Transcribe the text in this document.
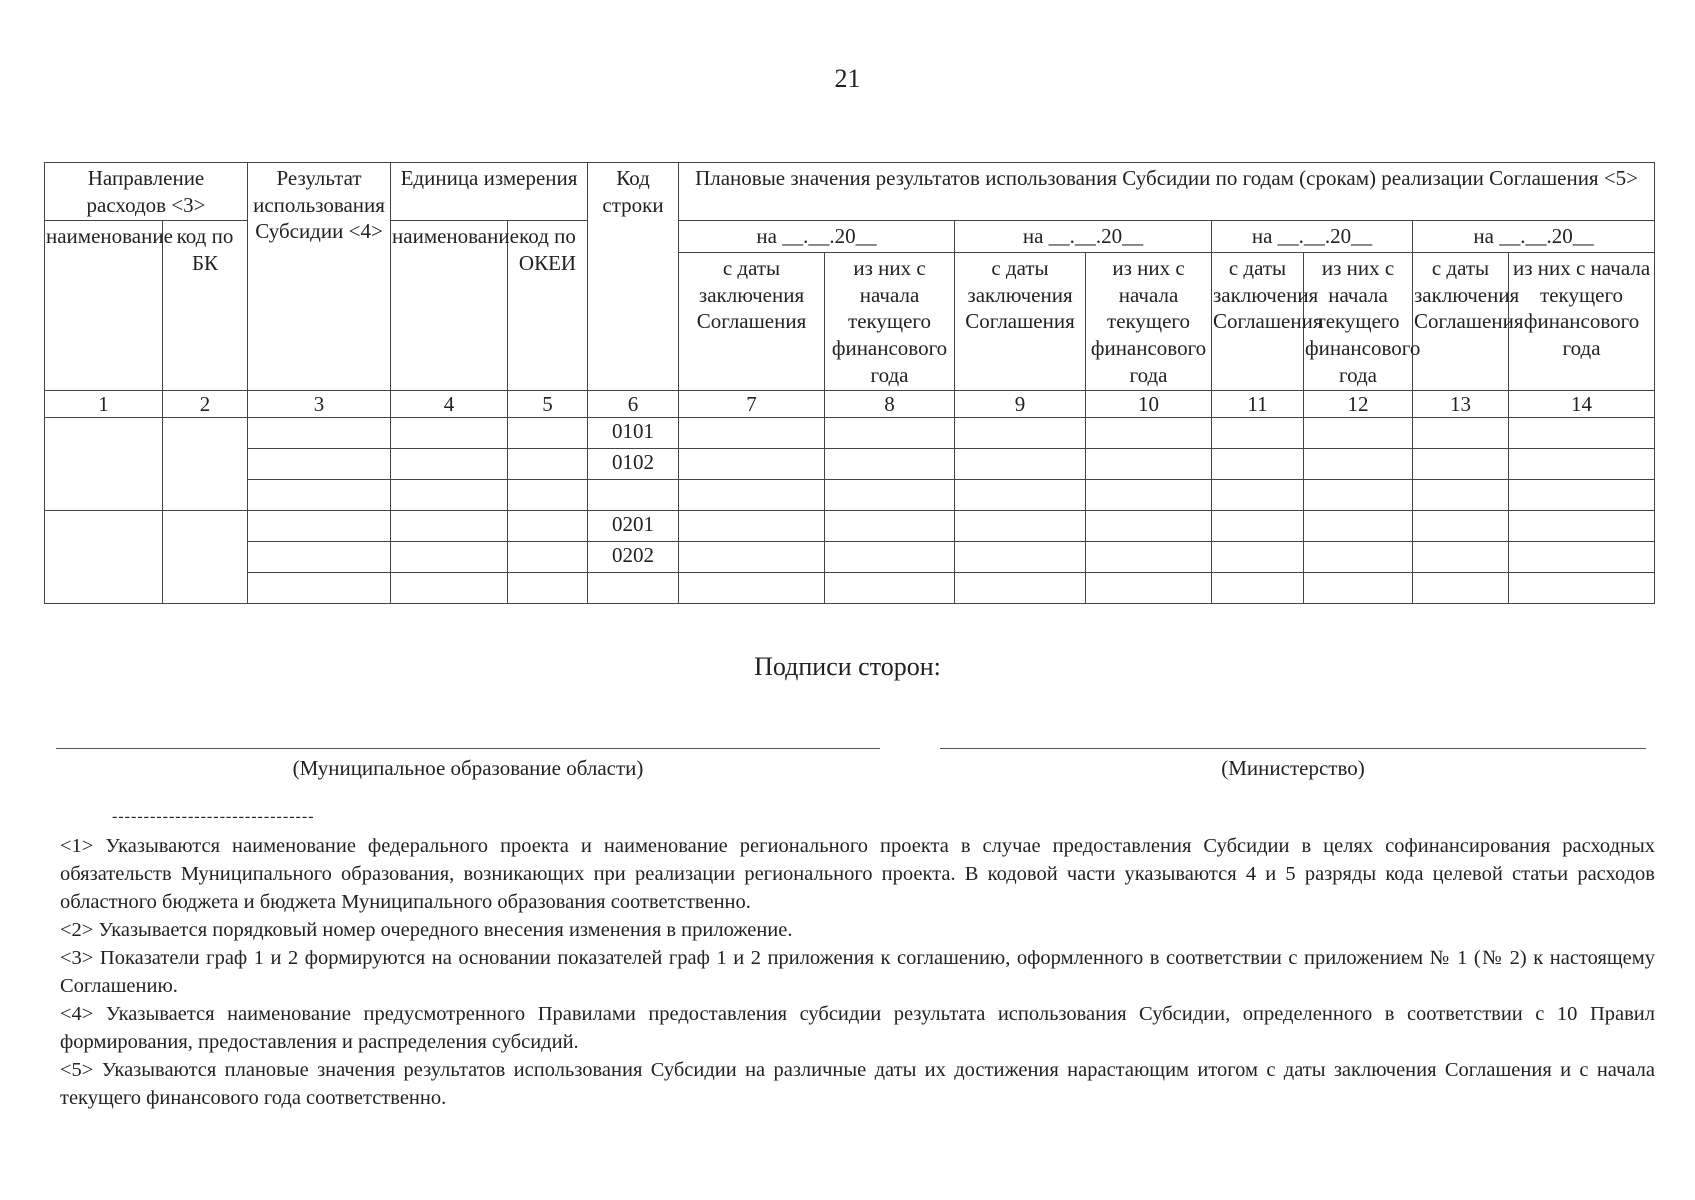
21
Направление расходов <3>		Результат использования Субсидии <4>	Единица измерения		Код строки	Плановые значения результатов использования Субсидии по годам (срокам) реализации Соглашения <5>							
наименование	код по БК		наименование	код по ОКЕИ		на __.__.20__		на __.__.20__		на __.__.20__		на __.__.20__	
						с даты заключения Соглашения	из них с начала текущего финансового года	с даты заключения Соглашения	из них с начала текущего финансового года	с даты заключения Соглашения	из них с начала текущего финансового года	с даты заключения Соглашения	из них с начала текущего финансового года
1	2	3	4	5	6	7	8	9	10	11	12	13	14
					0101								
					0102								

					0201								
					0202								

Подписи сторон:
(Муниципальное образование области)	(Министерство)
--------------------------------

<1> Указываются наименование федерального проекта и наименование регионального проекта в случае предоставления Субсидии в целях софинансирования расходных обязательств Муниципального образования, возникающих при реализации регионального проекта. В кодовой части указываются 4 и 5 разряды кода целевой статьи расходов областного бюджета и бюджета Муниципального образования соответственно.

<2> Указывается порядковый номер очередного внесения изменения в приложение.

<3> Показатели граф 1 и 2 формируются на основании показателей граф 1 и 2 приложения к соглашению, оформленного в соответствии с приложением № 1 (№ 2) к настоящему Соглашению.

<4> Указывается наименование предусмотренного Правилами предоставления субсидии результата использования Субсидии, определенного в соответствии с 10 Правил формирования, предоставления и распределения субсидий.

<5> Указываются плановые значения результатов использования Субсидии на различные даты их достижения нарастающим итогом с даты заключения Соглашения и с начала текущего финансового года соответственно.
